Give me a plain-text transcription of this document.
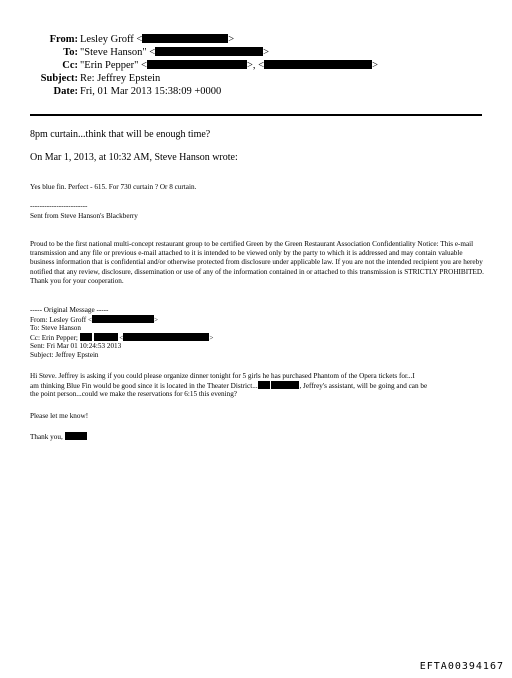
From: Lesley Groff <	>
To: "Steve Hanson" <	>
Cc: "Erin Pepper" <	>, <	>
Subject: Re: Jeffrey Epstein
Date: Fri, 01 Mar 2013 15:38:09 +0000
8pm curtain...think that will be enough time?
On Mar 1, 2013, at 10:32 AM, Steve Hanson wrote:
Yes blue fin. Perfect - 615. For 730 curtain ? Or 8 curtain.
------------------------
Sent from Steve Hanson's Blackberry
Proud to be the first national multi-concept restaurant group to be certified Green by the Green Restaurant Association Confidentiality Notice: This e-mail transmission and any file or previous e-mail attached to it is intended to be viewed only by the party to which it is addressed and may contain valuable business information that is confidential and/or otherwise protected from disclosure under applicable law. If you are not the intended recipient you are hereby notified that any review, disclosure, dissemination or use of any of the information contained in or attached to this transmission is STRICTLY PROHIBITED. Thank you for your cooperation.
----- Original Message -----
From: Lesley Groff <	>
To: Steve Hanson
Cc: Erin Pepper;	<	>
Sent: Fri Mar 01 10:24:53 2013
Subject: Jeffrey Epstein
Hi Steve. Jeffrey is asking if you could please organize dinner tonight for 5 girls he has purchased Phantom of the Opera tickets for...I
am thinking Blue Fin would be good since it is located in the Theater District...	, Jeffrey's assistant, will be going and can be
the point person...could we make the reservations for 6:15 this evening?
Please let me know!
Thank you,
EFTA00394167
